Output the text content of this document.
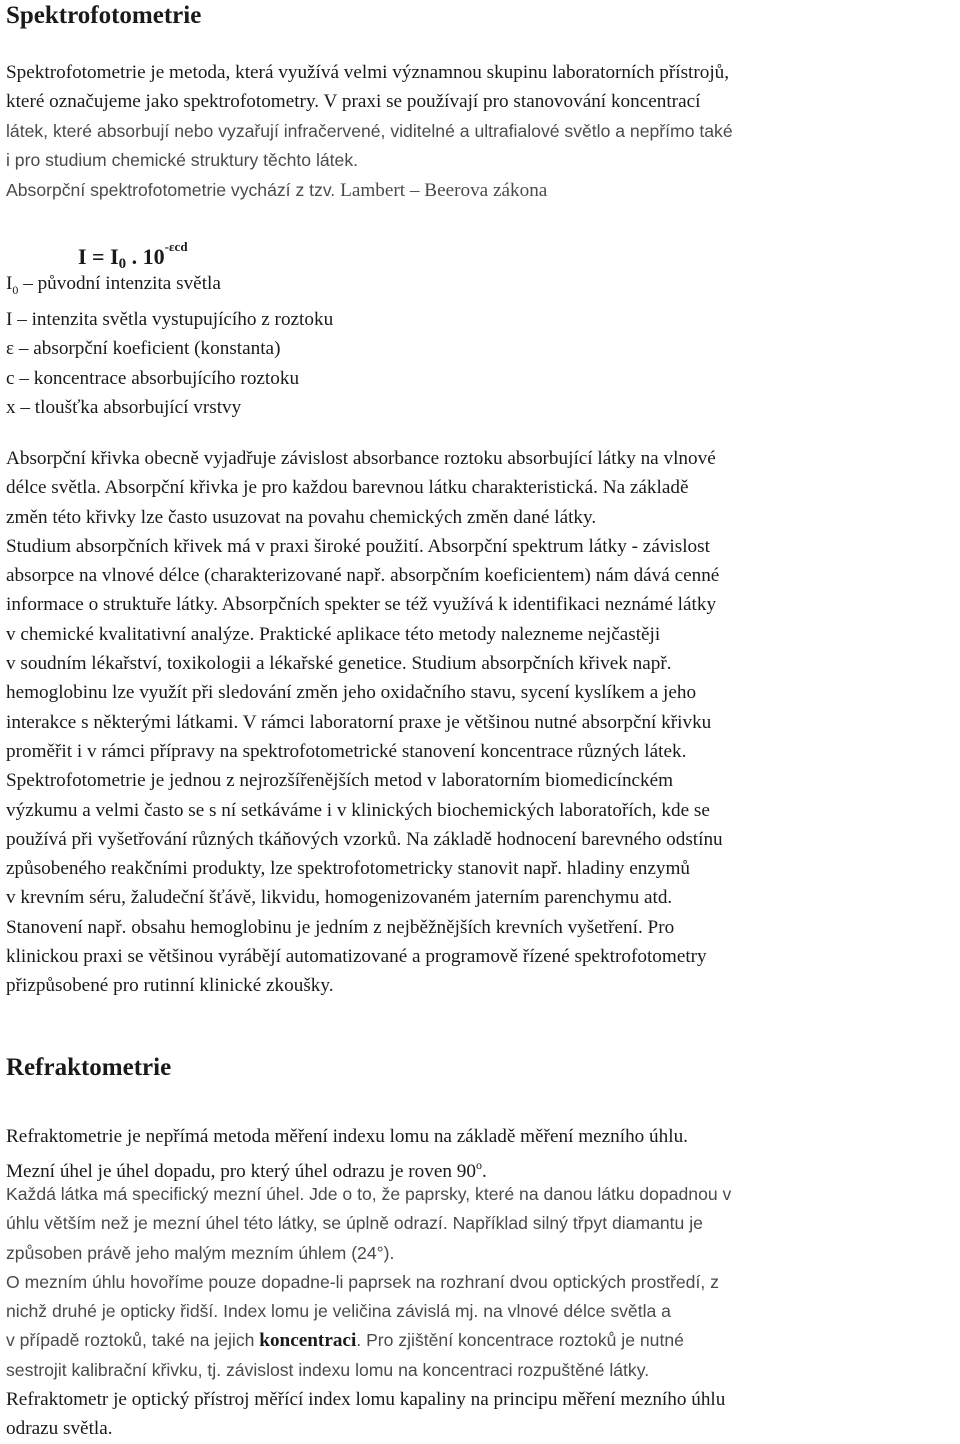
Spektrofotometrie
Spektrofotometrie je metoda, která využívá velmi významnou skupinu laboratorních přístrojů,
které označujeme jako spektrofotometry. V praxi se používají pro stanovování koncentrací
látek, které absorbují nebo vyzařují infračervené, viditelné a ultrafialové světlo a nepřímo také
i pro studium chemické struktury těchto látek.
Absorpční spektrofotometrie vychází z tzv. Lambert – Beerova zákona
$I = I_0$ . $10^{-\varepsilon cd}$
$I_0$ – původní intenzita světla
I – intenzita světla vystupujícího z roztoku
ε – absorpční koeficient (konstanta)
c – koncentrace absorbujícího roztoku
x – tloušťka absorbující vrstvy
Absorpční křivka obecně vyjadřuje závislost absorbance roztoku absorbující látky na vlnové
délce světla. Absorpční křivka je pro každou barevnou látku charakteristická. Na základě
změn této křivky lze často usuzovat na povahu chemických změn dané látky.
Studium absorpčních křivek má v praxi široké použití. Absorpční spektrum látky - závislost
absorpce na vlnové délce (charakterizované např. absorpčním koeficientem) nám dává cenné
informace o struktuře látky. Absorpčních spekter se též využívá k identifikaci neznámé látky
v chemické kvalitativní analýze. Praktické aplikace této metody nalezneme nejčastěji
v soudním lékařství, toxikologii a lékařské genetice. Studium absorpčních křivek např.
hemoglobinu lze využít při sledování změn jeho oxidačního stavu, sycení kyslíkem a jeho
interakce s některými látkami. V rámci laboratorní praxe je většinou nutné absorpční křivku
proměřit i v rámci přípravy na spektrofotometrické stanovení koncentrace různých látek.
Spektrofotometrie je jednou z nejrozšířenějších metod v laboratorním biomedicínckém
výzkumu a velmi často se s ní setkáváme i v klinických biochemických laboratořích, kde se
používá při vyšetřování různých tkáňových vzorků. Na základě hodnocení barevného odstínu
způsobeného reakčními produkty, lze spektrofotometricky stanovit např. hladiny enzymů
v krevním séru, žaludeční šťávě, likvidu, homogenizovaném jaterním parenchymu atd.
Stanovení např. obsahu hemoglobinu je jedním z nejběžnějších krevních vyšetření. Pro
klinickou praxi se většinou vyrábějí automatizované a programově řízené spektrofotometry
přizpůsobené pro rutinní klinické zkoušky.
Refraktometrie
Refraktometrie je nepřímá metoda měření indexu lomu na základě měření mezního úhlu.
Mezní úhel je úhel dopadu, pro který úhel odrazu je roven 90$^o$.
Každá látka má specifický mezní úhel. Jde o to, že paprsky, které na danou látku dopadnou v
úhlu větším než je mezní úhel této látky, se úplně odrazí. Například silný třpyt diamantu je
způsoben právě jeho malým mezním úhlem (24°).
O mezním úhlu hovoříme pouze dopadne-li paprsek na rozhraní dvou optických prostředí, z
nichž druhé je opticky řidší. Index lomu je veličina závislá mj. na vlnové délce světla a
v případě roztoků, také na jejich koncentraci. Pro zjištění koncentrace roztoků je nutné
sestrojit kalibrační křivku, tj. závislost indexu lomu na koncentraci rozpuštěné látky.
Refraktometr je optický přístroj měřící index lomu kapaliny na principu měření mezního úhlu
odrazu světla.
